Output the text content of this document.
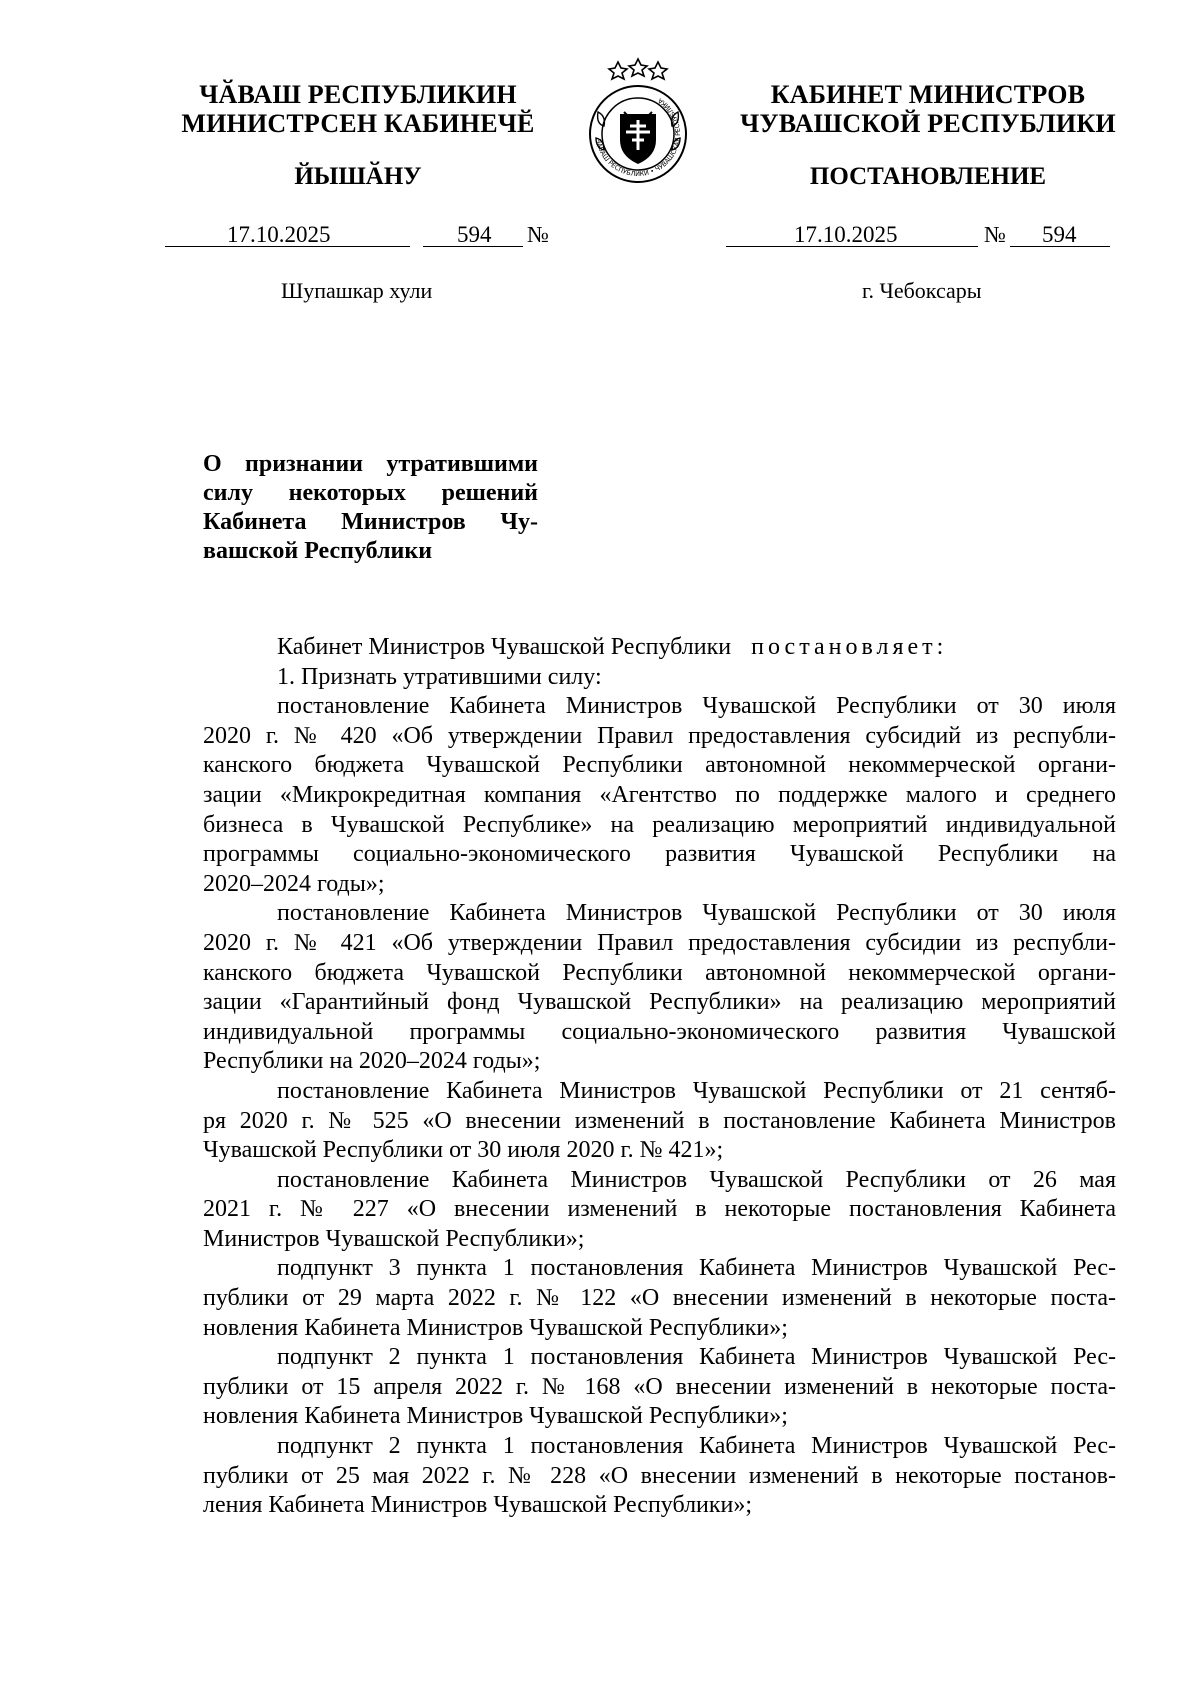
ЧӐВАШ РЕСПУБЛИКИН
МИНИСТРСЕН КАБИНЕЧӖ
ЙЫШӐНУ
ЧӐВАШ РЕСПУБЛИКИ • ЧУВАШСКАЯ РЕСПУБЛИКА	КАБИНЕТ МИНИСТРОВ
ЧУВАШСКОЙ РЕСПУБЛИКИ
ПОСТАНОВЛЕНИЕ
17.10.2025	594 №	17.10.2025	№ 594
Шупашкар хули	г. Чебоксары
О признании утратившими
силу некоторых решений
Кабинета Министров Чу-
вашской Республики
Кабинет Министров Чувашской Республики постановляет:
1. Признать утратившими силу:
постановление Кабинета Министров Чувашской Республики от 30 июля
2020 г. № 420 «Об утверждении Правил предоставления субсидий из республи-
канского бюджета Чувашской Республики автономной некоммерческой органи-
зации «Микрокредитная компания «Агентство по поддержке малого и среднего
бизнеса в Чувашской Республике» на реализацию мероприятий индивидуальной
программы социально-экономического развития Чувашской Республики на
2020–2024 годы»;
постановление Кабинета Министров Чувашской Республики от 30 июля
2020 г. № 421 «Об утверждении Правил предоставления субсидии из республи-
канского бюджета Чувашской Республики автономной некоммерческой органи-
зации «Гарантийный фонд Чувашской Республики» на реализацию мероприятий
индивидуальной программы социально-экономического развития Чувашской
Республики на 2020–2024 годы»;
постановление Кабинета Министров Чувашской Республики от 21 сентяб-
ря 2020 г. № 525 «О внесении изменений в постановление Кабинета Министров
Чувашской Республики от 30 июля 2020 г. № 421»;
постановление Кабинета Министров Чувашской Республики от 26 мая
2021 г. № 227 «О внесении изменений в некоторые постановления Кабинета
Министров Чувашской Республики»;
подпункт 3 пункта 1 постановления Кабинета Министров Чувашской Рес-
публики от 29 марта 2022 г. № 122 «О внесении изменений в некоторые поста-
новления Кабинета Министров Чувашской Республики»;
подпункт 2 пункта 1 постановления Кабинета Министров Чувашской Рес-
публики от 15 апреля 2022 г. № 168 «О внесении изменений в некоторые поста-
новления Кабинета Министров Чувашской Республики»;
подпункт 2 пункта 1 постановления Кабинета Министров Чувашской Рес-
публики от 25 мая 2022 г. № 228 «О внесении изменений в некоторые постанов-
ления Кабинета Министров Чувашской Республики»;
